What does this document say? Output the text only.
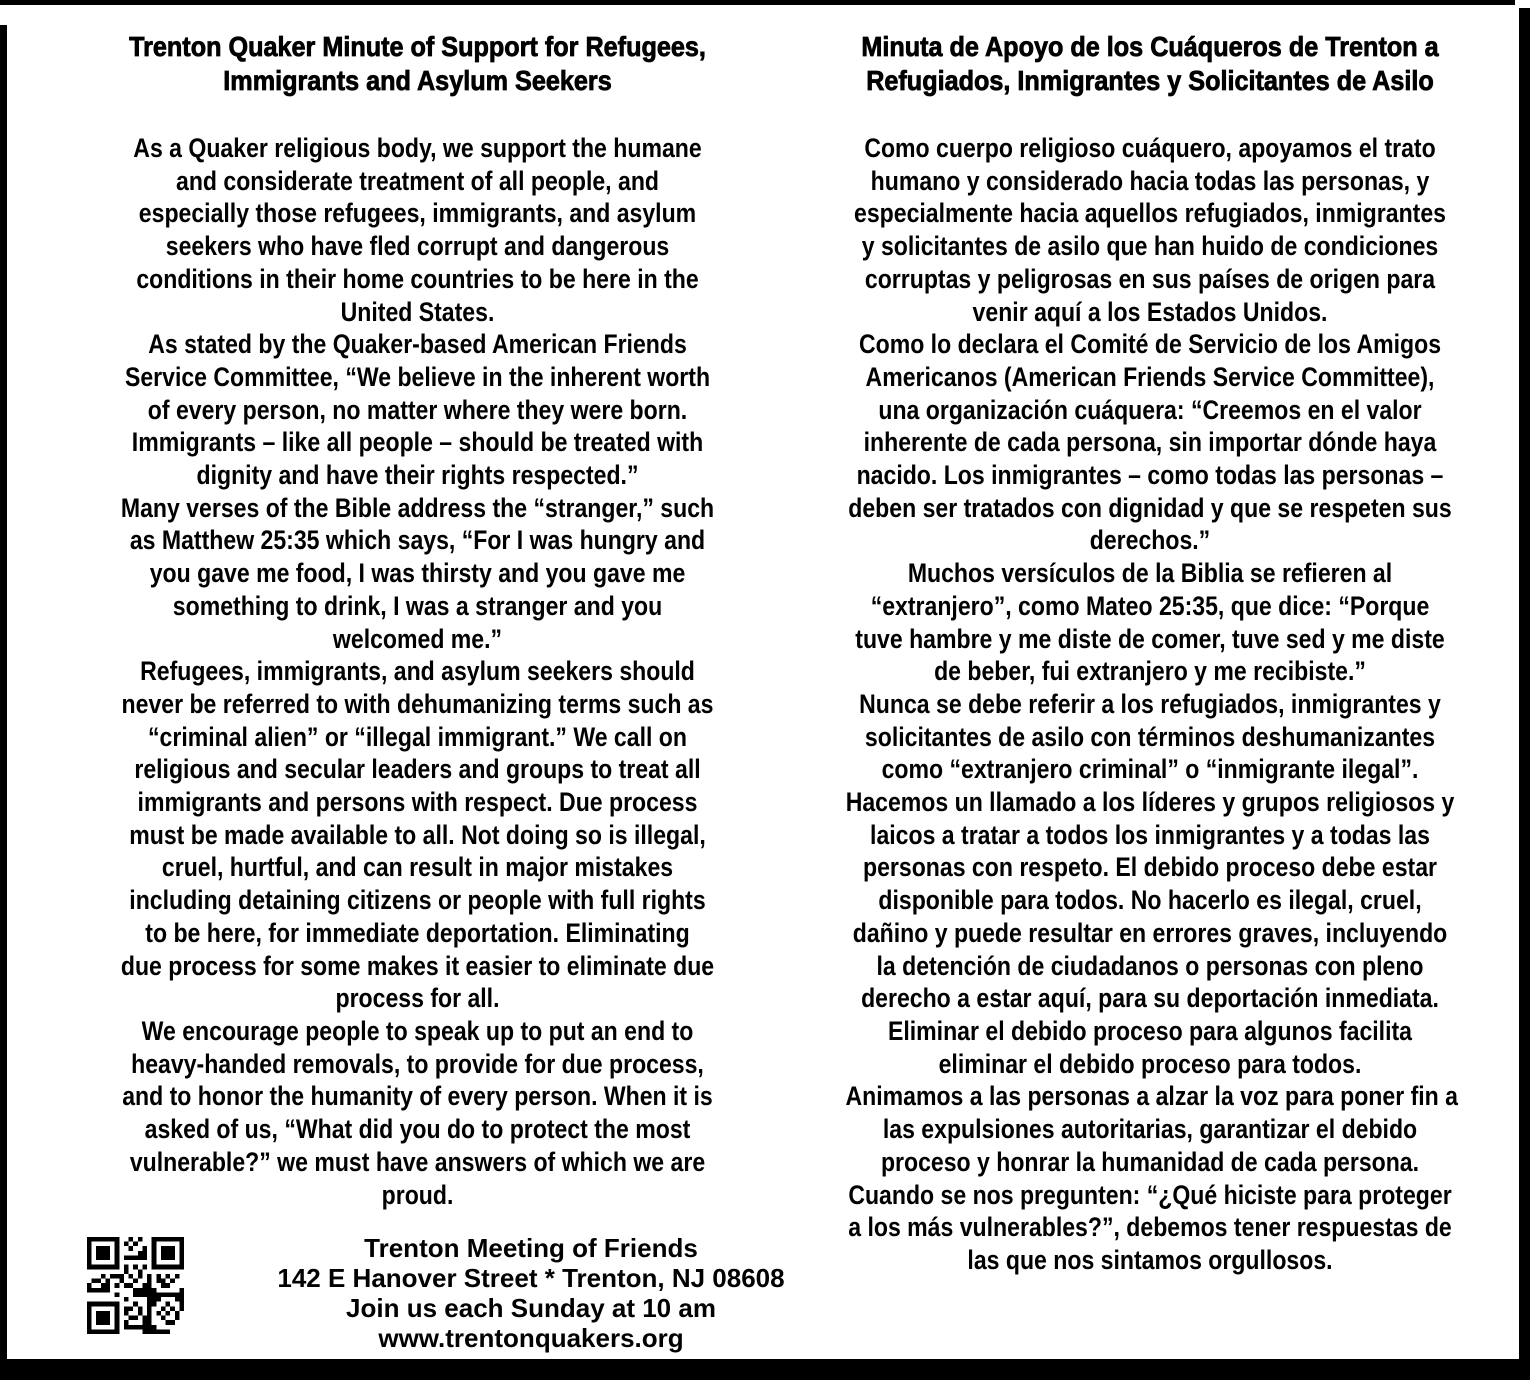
Trenton Quaker Minute of Support for Refugees,
Immigrants and Asylum Seekers
As a Quaker religious body, we support the humane
and considerate treatment of all people, and
especially those refugees, immigrants, and asylum
seekers who have fled corrupt and dangerous
conditions in their home countries to be here in the
United States.
As stated by the Quaker-based American Friends
Service Committee, “We believe in the inherent worth
of every person, no matter where they were born.
Immigrants – like all people – should be treated with
dignity and have their rights respected.”
Many verses of the Bible address the “stranger,” such
as Matthew 25:35 which says, “For I was hungry and
you gave me food, I was thirsty and you gave me
something to drink, I was a stranger and you
welcomed me.”
Refugees, immigrants, and asylum seekers should
never be referred to with dehumanizing terms such as
“criminal alien” or “illegal immigrant.” We call on
religious and secular leaders and groups to treat all
immigrants and persons with respect. Due process
must be made available to all. Not doing so is illegal,
cruel, hurtful, and can result in major mistakes
including detaining citizens or people with full rights
to be here, for immediate deportation. Eliminating
due process for some makes it easier to eliminate due
process for all.
We encourage people to speak up to put an end to
heavy-handed removals, to provide for due process,
and to honor the humanity of every person. When it is
asked of us, “What did you do to protect the most
vulnerable?” we must have answers of which we are
proud.
Minuta de Apoyo de los Cuáqueros de Trenton a
Refugiados, Inmigrantes y Solicitantes de Asilo
Como cuerpo religioso cuáquero, apoyamos el trato
humano y considerado hacia todas las personas, y
especialmente hacia aquellos refugiados, inmigrantes
y solicitantes de asilo que han huido de condiciones
corruptas y peligrosas en sus países de origen para
venir aquí a los Estados Unidos.
Como lo declara el Comité de Servicio de los Amigos
Americanos (American Friends Service Committee),
una organización cuáquera: “Creemos en el valor
inherente de cada persona, sin importar dónde haya
nacido. Los inmigrantes – como todas las personas –
deben ser tratados con dignidad y que se respeten sus
derechos.”
Muchos versículos de la Biblia se refieren al
“extranjero”, como Mateo 25:35, que dice: “Porque
tuve hambre y me diste de comer, tuve sed y me diste
de beber, fui extranjero y me recibiste.”
Nunca se debe referir a los refugiados, inmigrantes y
solicitantes de asilo con términos deshumanizantes
como “extranjero criminal” o “inmigrante ilegal”.
Hacemos un llamado a los líderes y grupos religiosos y
laicos a tratar a todos los inmigrantes y a todas las
personas con respeto. El debido proceso debe estar
disponible para todos. No hacerlo es ilegal, cruel,
dañino y puede resultar en errores graves, incluyendo
la detención de ciudadanos o personas con pleno
derecho a estar aquí, para su deportación inmediata.
Eliminar el debido proceso para algunos facilita
eliminar el debido proceso para todos.
Animamos a las personas a alzar la voz para poner fin a
las expulsiones autoritarias, garantizar el debido
proceso y honrar la humanidad de cada persona.
Cuando se nos pregunten: “¿Qué hiciste para proteger
a los más vulnerables?”, debemos tener respuestas de
las que nos sintamos orgullosos.
Trenton Meeting of Friends
142 E Hanover Street * Trenton, NJ 08608
Join us each Sunday at 10 am
www.trentonquakers.org
